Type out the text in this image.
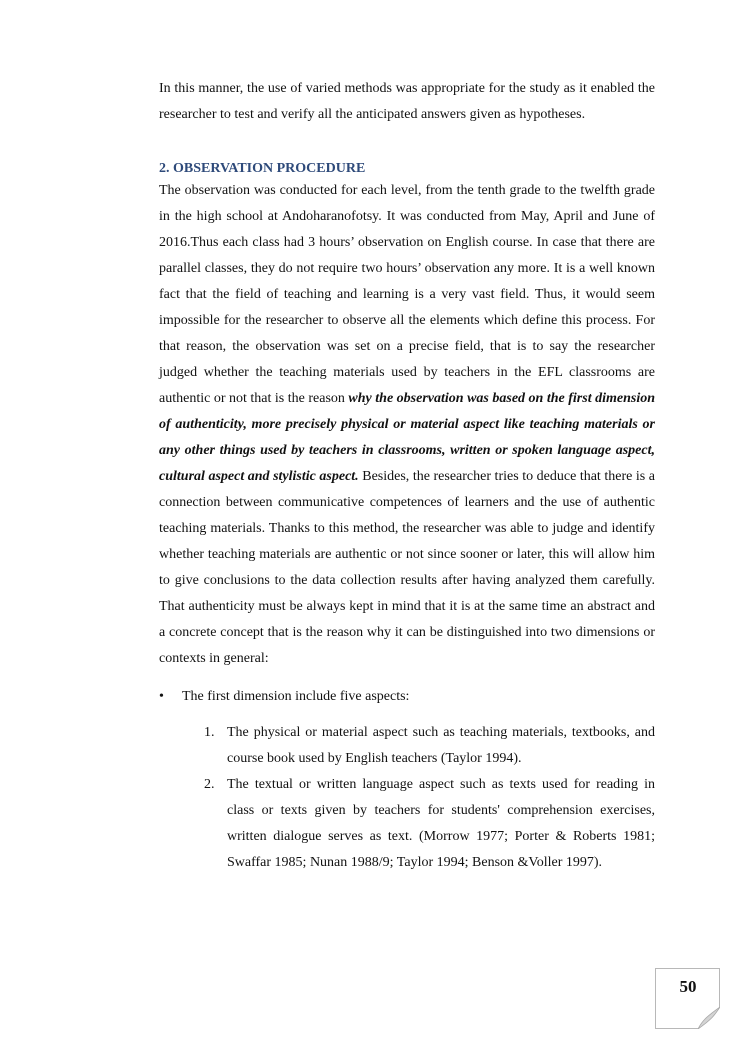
In this manner, the use of varied methods was appropriate for the study as it enabled the researcher to test and verify all the anticipated answers given as hypotheses.

2. OBSERVATION PROCEDURE

The observation was conducted for each level, from the tenth grade to the twelfth grade in the high school at Andoharanofotsy. It was conducted from May, April and June of 2016.Thus each class had 3 hours’ observation on English course. In case that there are parallel classes, they do not require two hours’ observation any more. It is a well known fact that the field of teaching and learning is a very vast field. Thus, it would seem impossible for the researcher to observe all the elements which define this process. For that reason, the observation was set on a precise field, that is to say the researcher judged whether the teaching materials used by teachers in the EFL classrooms are authentic or not that is the reason why the observation was based on the first dimension of authenticity, more precisely physical or material aspect like teaching materials or any other things used by teachers in classrooms, written or spoken language aspect, cultural aspect and stylistic aspect. Besides, the researcher tries to deduce that there is a connection between communicative competences of learners and the use of authentic teaching materials. Thanks to this method, the researcher was able to judge and identify whether teaching materials are authentic or not since sooner or later, this will allow him to give conclusions to the data collection results after having analyzed them carefully. That authenticity must be always kept in mind that it is at the same time an abstract and a concrete concept that is the reason why it can be distinguished into two dimensions or contexts in general:

• The first dimension include five aspects:
1. The physical or material aspect such as teaching materials, textbooks, and course book used by English teachers (Taylor 1994).
2. The textual or written language aspect such as texts used for reading in class or texts given by teachers for students' comprehension exercises, written dialogue serves as text. (Morrow 1977; Porter & Roberts 1981; Swaffar 1985; Nunan 1988/9; Taylor 1994; Benson &Voller 1997).
50
